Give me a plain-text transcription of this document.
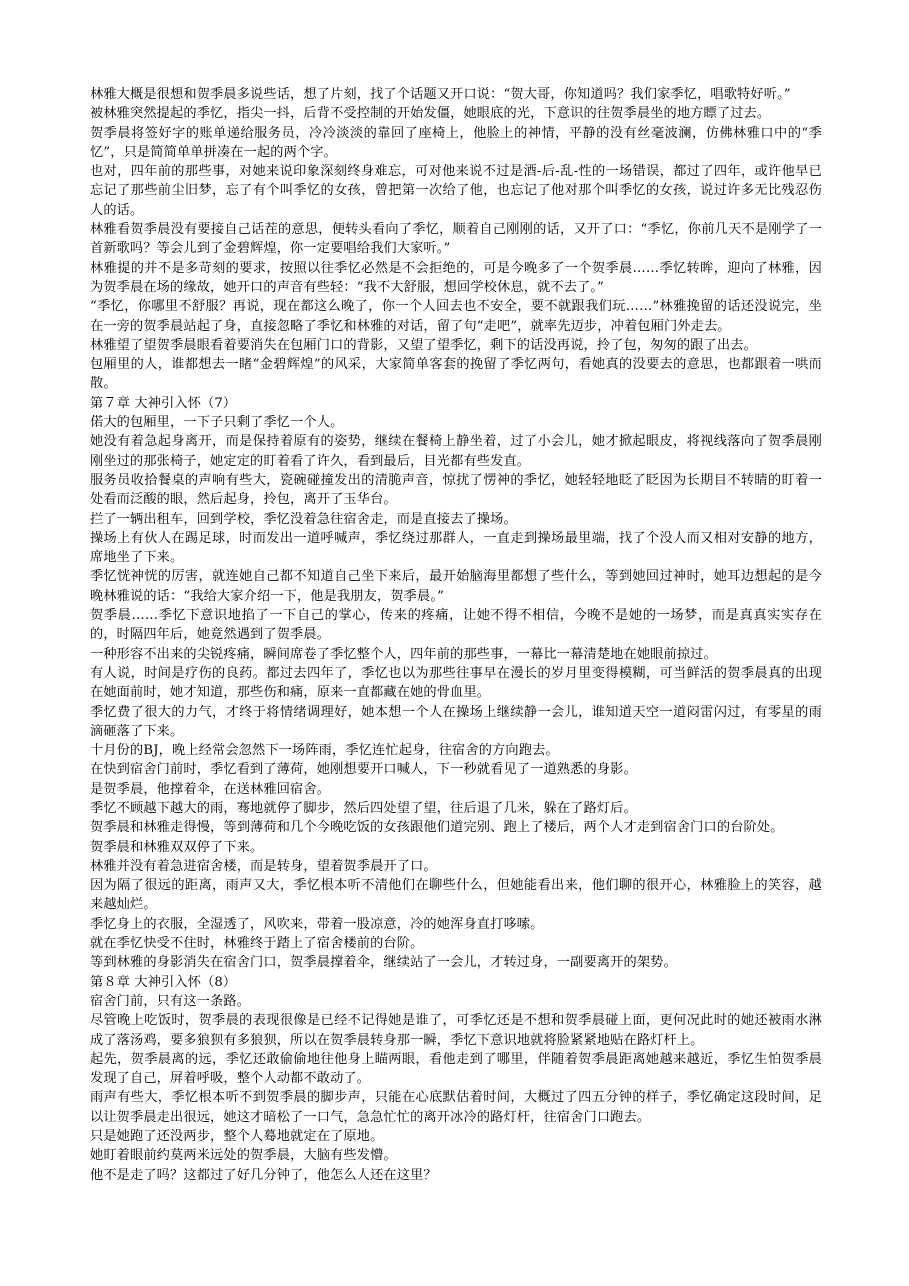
林雅大概是很想和贺季晨多说些话，想了片刻，找了个话题又开口说：“贺大哥，你知道吗？我们家季忆，唱歌特好听。”

被林雅突然提起的季忆，指尖一抖，后背不受控制的开始发僵，她眼底的光，下意识的往贺季晨坐的地方瞟了过去。

贺季晨将签好字的账单递给服务员，冷冷淡淡的靠回了座椅上，他脸上的神情，平静的没有丝毫波澜，仿佛林雅口中的“季忆”，只是简简单单拼凑在一起的两个字。

也对，四年前的那些事，对她来说印象深刻终身难忘，可对他来说不过是酒-后-乱-性的一场错误，都过了四年，或许他早已忘记了那些前尘旧梦，忘了有个叫季忆的女孩，曾把第一次给了他，也忘记了他对那个叫季忆的女孩，说过许多无比残忍伤人的话。

林雅看贺季晨没有要接自己话茬的意思，便转头看向了季忆，顺着自己刚刚的话，又开了口：“季忆，你前几天不是刚学了一首新歌吗？等会儿到了金碧辉煌，你一定要唱给我们大家听。”

林雅提的并不是多苛刻的要求，按照以往季忆必然是不会拒绝的，可是今晚多了一个贺季晨……季忆转眸，迎向了林雅，因为贺季晨在场的缘故，她开口的声音有些轻：“我不大舒服，想回学校休息，就不去了。”

“季忆，你哪里不舒服？再说，现在都这么晚了，你一个人回去也不安全，要不就跟我们玩……”林雅挽留的话还没说完，坐在一旁的贺季晨站起了身，直接忽略了季忆和林雅的对话，留了句“走吧”，就率先迈步，冲着包厢门外走去。

林雅望了望贺季晨眼看着要消失在包厢门口的背影，又望了望季忆，剩下的话没再说，拎了包，匆匆的跟了出去。

包厢里的人，谁都想去一睹“金碧辉煌”的风采，大家简单客套的挽留了季忆两句，看她真的没要去的意思，也都跟着一哄而散。

第７章 大神引入怀（7）

偌大的包厢里，一下子只剩了季忆一个人。

她没有着急起身离开，而是保持着原有的姿势，继续在餐椅上静坐着，过了小会儿，她才掀起眼皮，将视线落向了贺季晨刚刚坐过的那张椅子，她定定的盯着看了许久，看到最后，目光都有些发直。

服务员收拾餐桌的声响有些大，瓷碗碰撞发出的清脆声音，惊扰了愣神的季忆，她轻轻地眨了眨因为长期目不转睛的盯着一处看而泛酸的眼，然后起身，拎包，离开了玉华台。

拦了一辆出租车，回到学校，季忆没着急往宿舍走，而是直接去了操场。

操场上有伙人在踢足球，时而发出一道呼喊声，季忆绕过那群人，一直走到操场最里端，找了个没人而又相对安静的地方，席地坐了下来。

季忆恍神恍的厉害，就连她自己都不知道自己坐下来后，最开始脑海里都想了些什么，等到她回过神时，她耳边想起的是今晚林雅说的话：“我给大家介绍一下，他是我朋友，贺季晨。”

贺季晨……季忆下意识地掐了一下自己的掌心，传来的疼痛，让她不得不相信，今晚不是她的一场梦，而是真真实实存在的，时隔四年后，她竟然遇到了贺季晨。

一种形容不出来的尖锐疼痛，瞬间席卷了季忆整个人，四年前的那些事，一幕比一幕清楚地在她眼前掠过。

有人说，时间是疗伤的良药。都过去四年了，季忆也以为那些往事早在漫长的岁月里变得模糊，可当鲜活的贺季晨真的出现在她面前时，她才知道，那些伤和痛，原来一直都藏在她的骨血里。

季忆费了很大的力气，才终于将情绪调理好，她本想一个人在操场上继续静一会儿，谁知道天空一道闷雷闪过，有零星的雨滴砸落了下来。

十月份的BJ，晚上经常会忽然下一场阵雨，季忆连忙起身，往宿舍的方向跑去。

在快到宿舍门前时，季忆看到了薄荷，她刚想要开口喊人，下一秒就看见了一道熟悉的身影。

是贺季晨，他撑着伞，在送林雅回宿舍。

季忆不顾越下越大的雨，骞地就停了脚步，然后四处望了望，往后退了几米，躲在了路灯后。

贺季晨和林雅走得慢，等到薄荷和几个今晚吃饭的女孩跟他们道完别、跑上了楼后，两个人才走到宿舍门口的台阶处。

贺季晨和林雅双双停了下来。

林雅并没有着急进宿舍楼，而是转身，望着贺季晨开了口。

因为隔了很远的距离，雨声又大，季忆根本听不清他们在聊些什么，但她能看出来，他们聊的很开心，林雅脸上的笑容，越来越灿烂。

季忆身上的衣服，全湿透了，风吹来，带着一股凉意，冷的她浑身直打哆嗦。

就在季忆快受不住时，林雅终于踏上了宿舍楼前的台阶。

等到林雅的身影消失在宿舍门口，贺季晨撑着伞，继续站了一会儿，才转过身，一副要离开的架势。

第８章 大神引入怀（8）

宿舍门前，只有这一条路。

尽管晚上吃饭时，贺季晨的表现很像是已经不记得她是谁了，可季忆还是不想和贺季晨碰上面，更何况此时的她还被雨水淋成了落汤鸡，要多狼狈有多狼狈，所以在贺季晨转身那一瞬，季忆下意识地就将脸紧紧地贴在路灯杆上。

起先，贺季晨离的远，季忆还敢偷偷地往他身上瞄两眼，看他走到了哪里，伴随着贺季晨距离她越来越近，季忆生怕贺季晨发现了自己，屏着呼吸，整个人动都不敢动了。

雨声有些大，季忆根本听不到贺季晨的脚步声，只能在心底默估着时间，大概过了四五分钟的样子，季忆确定这段时间，足以让贺季晨走出很远，她这才暗松了一口气，急急忙忙的离开冰冷的路灯杆，往宿舍门口跑去。

只是她跑了还没两步，整个人蓦地就定在了原地。

她盯着眼前约莫两米远处的贺季晨，大脑有些发懵。

他不是走了吗？这都过了好几分钟了，他怎么人还在这里？
